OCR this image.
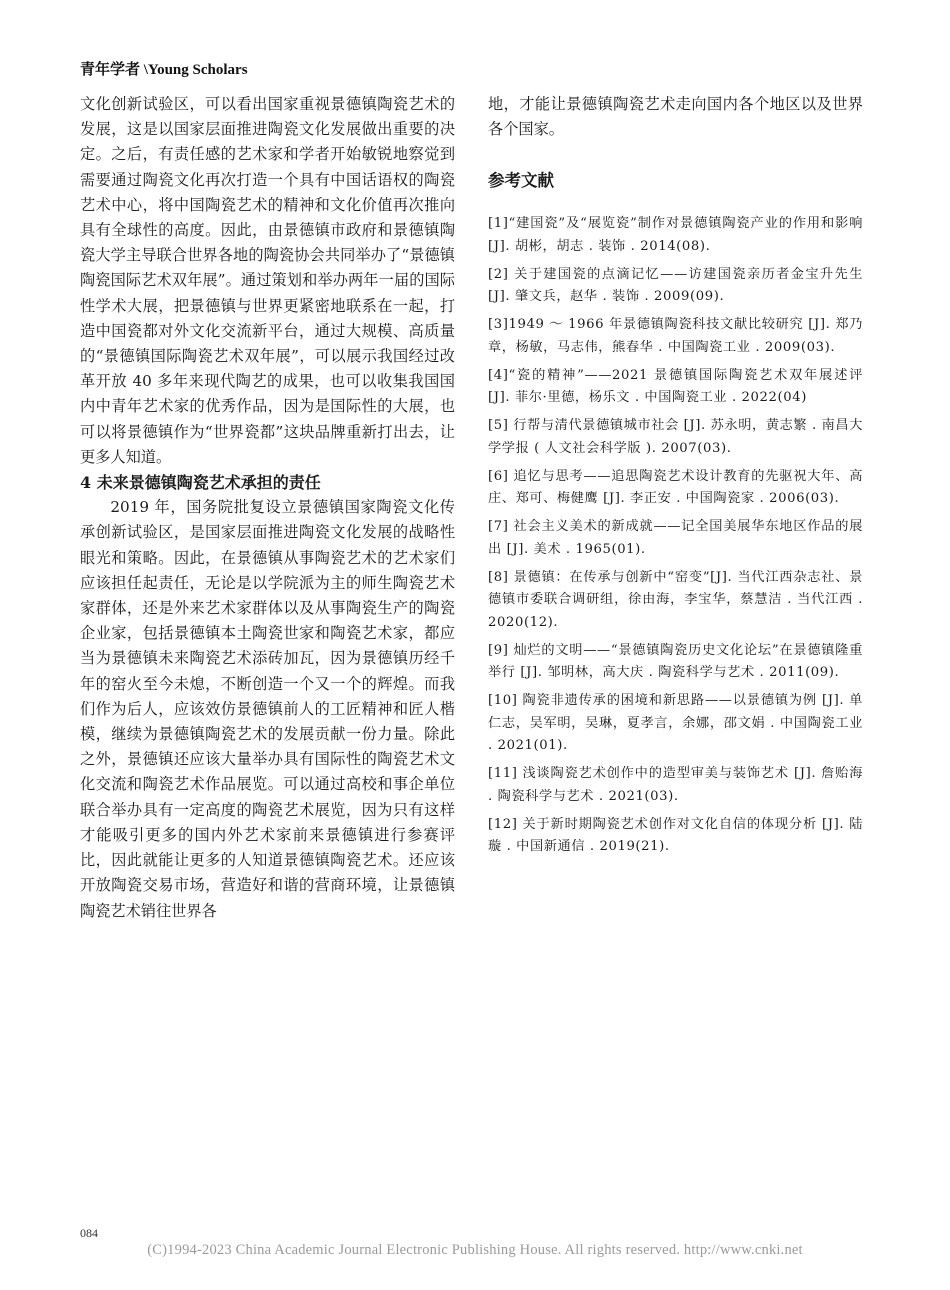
青年学者 \Young Scholars

文化创新试验区，可以看出国家重视景德镇陶瓷艺术的发展，这是以国家层面推进陶瓷文化发展做出重要的决定。之后，有责任感的艺术家和学者开始敏锐地察觉到需要通过陶瓷文化再次打造一个具有中国话语权的陶瓷艺术中心，将中国陶瓷艺术的精神和文化价值再次推向具有全球性的高度。因此，由景德镇市政府和景德镇陶瓷大学主导联合世界各地的陶瓷协会共同举办了“景德镇陶瓷国际艺术双年展”。通过策划和举办两年一届的国际性学术大展，把景德镇与世界更紧密地联系在一起，打造中国瓷都对外文化交流新平台，通过大规模、高质量的“景德镇国际陶瓷艺术双年展”，可以展示我国经过改革开放 40 多年来现代陶艺的成果，也可以收集我国国内中青年艺术家的优秀作品，因为是国际性的大展，也可以将景德镇作为“世界瓷都”这块品牌重新打出去，让更多人知道。

4 未来景德镇陶瓷艺术承担的责任

2019 年，国务院批复设立景德镇国家陶瓷文化传承创新试验区，是国家层面推进陶瓷文化发展的战略性眼光和策略。因此，在景德镇从事陶瓷艺术的艺术家们应该担任起责任，无论是以学院派为主的师生陶瓷艺术家群体，还是外来艺术家群体以及从事陶瓷生产的陶瓷企业家，包括景德镇本土陶瓷世家和陶瓷艺术家，都应当为景德镇未来陶瓷艺术添砖加瓦，因为景德镇历经千年的窑火至今未熄，不断创造一个又一个的辉煌。而我们作为后人，应该效仿景德镇前人的工匠精神和匠人楷模，继续为景德镇陶瓷艺术的发展贡献一份力量。除此之外，景德镇还应该大量举办具有国际性的陶瓷艺术文化交流和陶瓷艺术作品展览。可以通过高校和事企单位联合举办具有一定高度的陶瓷艺术展览，因为只有这样才能吸引更多的国内外艺术家前来景德镇进行参赛评比，因此就能让更多的人知道景德镇陶瓷艺术。还应该开放陶瓷交易市场，营造好和谐的营商环境，让景德镇陶瓷艺术销往世界各

地，才能让景德镇陶瓷艺术走向国内各个地区以及世界各个国家。

参考文献
[1]“建国瓷”及“展览瓷”制作对景德镇陶瓷产业的作用和影响 [J]. 胡彬，胡志 . 装饰 . 2014(08).
[2] 关于建国瓷的点滴记忆——访建国瓷亲历者金宝升先生 [J]. 肇文兵，赵华 . 装饰 . 2009(09).
[3]1949 ～ 1966 年景德镇陶瓷科技文献比较研究 [J]. 郑乃章，杨敏，马志伟，熊春华 . 中国陶瓷工业 . 2009(03).
[4]“瓷的精神”——2021 景德镇国际陶瓷艺术双年展述评 [J]. 菲尔·里德，杨乐文 . 中国陶瓷工业 . 2022(04)
[5] 行帮与清代景德镇城市社会 [J]. 苏永明，黄志繁 . 南昌大学学报 ( 人文社会科学版 ). 2007(03).
[6] 追忆与思考——追思陶瓷艺术设计教育的先驱祝大年、高庄、郑可、梅健鹰 [J]. 李正安 . 中国陶瓷家 . 2006(03).
[7] 社会主义美术的新成就——记全国美展华东地区作品的展出 [J]. 美术 . 1965(01).
[8] 景德镇：在传承与创新中“窑变”[J]. 当代江西杂志社、景德镇市委联合调研组，徐由海，李宝华，蔡慧洁 . 当代江西 . 2020(12).
[9] 灿烂的文明——“景德镇陶瓷历史文化论坛”在景德镇隆重举行 [J]. 邹明林，高大庆 . 陶瓷科学与艺术 . 2011(09).
[10] 陶瓷非遗传承的困境和新思路——以景德镇为例 [J]. 单仁志，吴军明，吴琳，夏孝言，余娜，邵文娟 . 中国陶瓷工业 . 2021(01).
[11] 浅谈陶瓷艺术创作中的造型审美与装饰艺术 [J]. 詹贻海 . 陶瓷科学与艺术 . 2021(03).
[12] 关于新时期陶瓷艺术创作对文化自信的体现分析 [J]. 陆璇 . 中国新通信 . 2019(21).
084
(C)1994-2023 China Academic Journal Electronic Publishing House. All rights reserved. http://www.cnki.net
